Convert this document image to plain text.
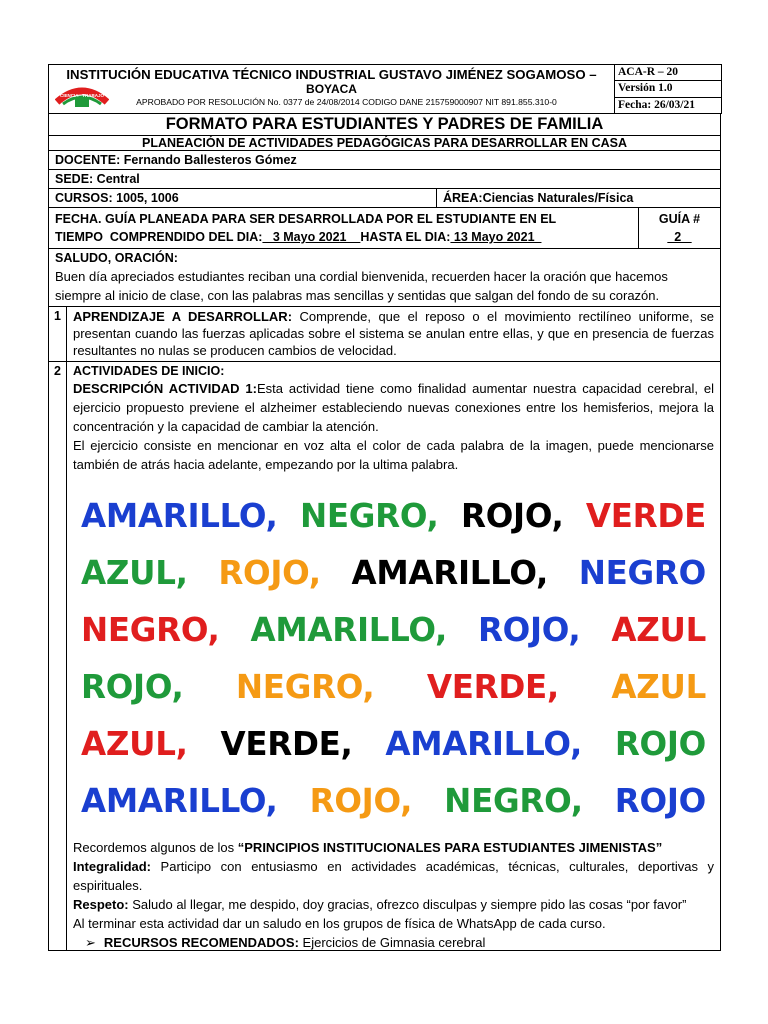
CIENCIA · TRABAJO
INSTITUCIÓN EDUCATIVA TÉCNICO INDUSTRIAL GUSTAVO JIMÉNEZ SOGAMOSO –
BOYACA
APROBADO POR RESOLUCIÓN No. 0377 de 24/08/2014 CODIGO DANE 215759000907 NIT 891.855.310-0

ACA-R – 20
Versión 1.0
Fecha: 26/03/21
FORMATO PARA ESTUDIANTES Y PADRES DE FAMILIA
PLANEACIÓN DE ACTIVIDADES PEDAGÓGICAS PARA DESARROLLAR EN CASA
DOCENTE: Fernando Ballesteros Gómez
SEDE: Central
CURSOS: 1005, 1006	ÁREA:Ciencias Naturales/Física
FECHA. GUÍA PLANEADA PARA SER DESARROLLADA POR EL ESTUDIANTE EN EL
TIEMPO  COMPRENDIDO DEL DIA:   3 Mayo 2021    HASTA EL DIA: 13 Mayo 2021
GUÍA #
2
SALUDO, ORACIÓN:
Buen día apreciados estudiantes reciban una cordial bienvenida, recuerden hacer la oración que hacemos siempre al inicio de clase, con las palabras mas sencillas y sentidas que salgan del fondo de su corazón.
1 APRENDIZAJE A DESARROLLAR: Comprende, que el reposo o el movimiento rectilíneo uniforme, se presentan cuando las fuerzas aplicadas sobre el sistema se anulan entre ellas, y que en presencia de fuerzas resultantes no nulas se producen cambios de velocidad.
2 ACTIVIDADES DE INICIO:
DESCRIPCIÓN ACTIVIDAD 1:Esta actividad tiene como finalidad aumentar nuestra capacidad cerebral, el ejercicio propuesto previene el alzheimer estableciendo nuevas conexiones entre los hemisferios, mejora la concentración y la capacidad de cambiar la atención.
El ejercicio consiste en mencionar en voz alta el color de cada palabra de la imagen, puede mencionarse también de atrás hacia adelante, empezando por la ultima palabra.
AMARILLO, NEGRO, ROJO, VERDE
AZUL, ROJO, AMARILLO, NEGRO
NEGRO, AMARILLO, ROJO, AZUL
ROJO, NEGRO, VERDE, AZUL
AZUL, VERDE, AMARILLO, ROJO
AMARILLO, ROJO, NEGRO, ROJO
Recordemos algunos de los “PRINCIPIOS INSTITUCIONALES PARA ESTUDIANTES JIMENISTAS”
Integralidad: Participo con entusiasmo en actividades académicas, técnicas, culturales, deportivas y espirituales.
Respeto: Saludo al llegar, me despido, doy gracias, ofrezco disculpas y siempre pido las cosas “por favor”
Al terminar esta actividad dar un saludo en los grupos de física de WhatsApp de cada curso.
➢ RECURSOS RECOMENDADOS: Ejercicios de Gimnasia cerebral
